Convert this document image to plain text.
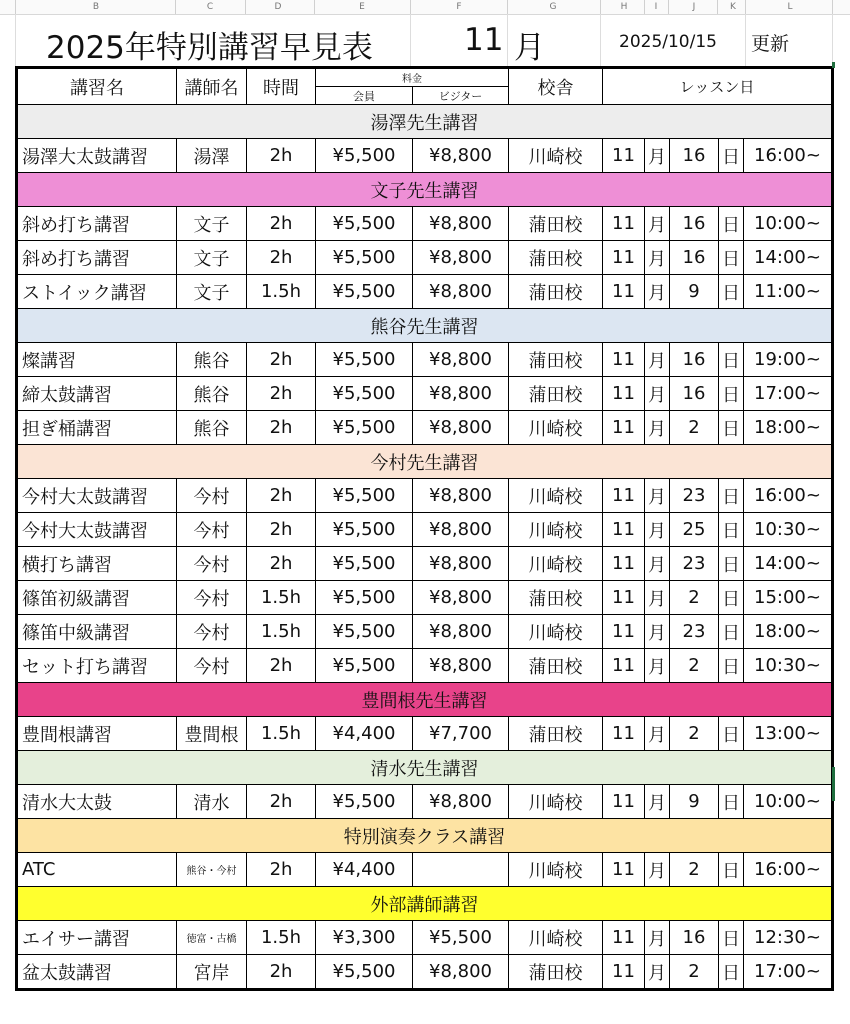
B	C	D	E	F	G	H	I	J	K	L
2025年特別講習早見表	11 月	2025/10/15 更新
講習名	講師名	時間	料金		校舎	レッスン日				
			会員	ビジター						
湯澤先生講習										
湯澤大太鼓講習	湯澤	2h	¥5,500	¥8,800	川崎校	11	月	16	日	16:00~
文子先生講習										
斜め打ち講習	文子	2h	¥5,500	¥8,800	蒲田校	11	月	16	日	10:00~
斜め打ち講習	文子	2h	¥5,500	¥8,800	蒲田校	11	月	16	日	14:00~
ストイック講習	文子	1.5h	¥5,500	¥8,800	蒲田校	11	月	9	日	11:00~
熊谷先生講習										
燦講習	熊谷	2h	¥5,500	¥8,800	蒲田校	11	月	16	日	19:00~
締太鼓講習	熊谷	2h	¥5,500	¥8,800	蒲田校	11	月	16	日	17:00~
担ぎ桶講習	熊谷	2h	¥5,500	¥8,800	川崎校	11	月	2	日	18:00~
今村先生講習										
今村大太鼓講習	今村	2h	¥5,500	¥8,800	川崎校	11	月	23	日	16:00~
今村大太鼓講習	今村	2h	¥5,500	¥8,800	川崎校	11	月	25	日	10:30~
横打ち講習	今村	2h	¥5,500	¥8,800	川崎校	11	月	23	日	14:00~
篠笛初級講習	今村	1.5h	¥5,500	¥8,800	蒲田校	11	月	2	日	15:00~
篠笛中級講習	今村	1.5h	¥5,500	¥8,800	川崎校	11	月	23	日	18:00~
セット打ち講習	今村	2h	¥5,500	¥8,800	蒲田校	11	月	2	日	10:30~
豊間根先生講習										
豊間根講習	豊間根	1.5h	¥4,400	¥7,700	蒲田校	11	月	2	日	13:00~
清水先生講習										
清水大太鼓	清水	2h	¥5,500	¥8,800	川崎校	11	月	9	日	10:00~
特別演奏クラス講習										
ATC	熊谷・今村	2h	¥4,400		川崎校	11	月	2	日	16:00~
外部講師講習										
エイサー講習	徳富・古橋	1.5h	¥3,300	¥5,500	川崎校	11	月	16	日	12:30~
盆太鼓講習	宮岸	2h	¥5,500	¥8,800	蒲田校	11	月	2	日	17:00~
